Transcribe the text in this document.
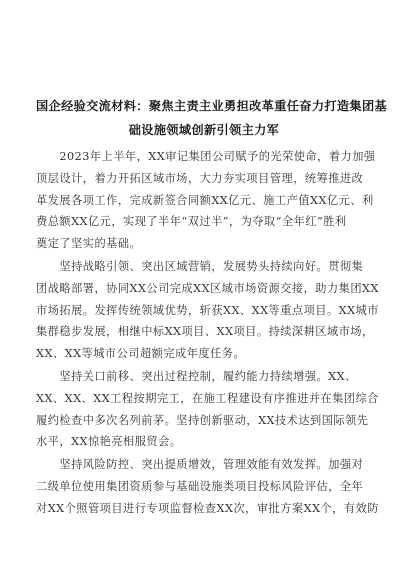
国企经验交流材料：聚焦主责主业勇担改革重任奋力打造集团基
础设施领域创新引领主力军
　　2023年上半年，XX审记集团公司赋予的光荣使命，着力加强
顶层设计，着力开拓区域市场，大力夯实项目管理，统筹推进改
革发展各项工作，完成新签合同额XX亿元、施工产值XX亿元、利
费总额XX亿元，实现了半年“双过半”，为夺取“全年红”胜利
奠定了坚实的基础。
　　坚持战略引领、突出区域营销，发展势头持续向好。贯彻集
团战略部署，协同XX公司完成XX区域市场资源交接，助力集团XX
市场拓展。发挥传统领域优势，斩获XX、XX等重点项目。XX城市
集群稳步发展，相继中标XX项目、XX项目。持续深耕区域市场，
XX、XX等城市公司超额完成年度任务。
　　坚持关口前移、突出过程控制，履约能力持续增强。XX、
XX、XX、XX工程按期完工，在施工程建设有序推进并在集团综合
履约检查中多次名列前茅。坚持创新驱动，XX技术达到国际领先
水平，XX惊艳亮相服贸会。
　　坚持风险防控、突出提质增效，管理效能有效发挥。加强对
二级单位使用集团资质参与基础设施类项目投标风险评估，全年
对XX个照管项目进行专项监督检查XX次，审批方案XX个，有效防
